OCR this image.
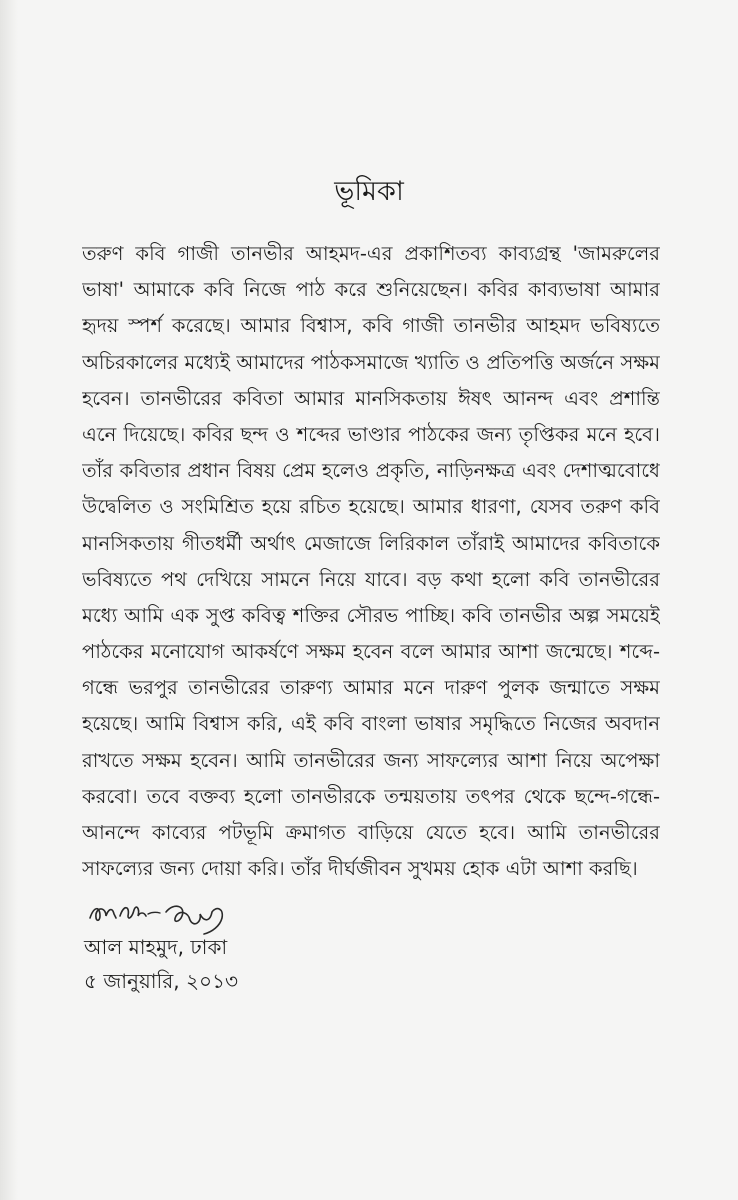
ভূমিকা
তরুণ কবি গাজী তানভীর আহমদ-এর প্রকাশিতব্য কাব্যগ্রন্থ 'জামরুলের
ভাষা' আমাকে কবি নিজে পাঠ করে শুনিয়েছেন। কবির কাব্যভাষা আমার
হৃদয় স্পর্শ করেছে। আমার বিশ্বাস, কবি গাজী তানভীর আহমদ ভবিষ্যতে
অচিরকালের মধ্যেই আমাদের পাঠকসমাজে খ্যাতি ও প্রতিপত্তি অর্জনে সক্ষম
হবেন। তানভীরের কবিতা আমার মানসিকতায় ঈষৎ আনন্দ এবং প্রশান্তি
এনে দিয়েছে। কবির ছন্দ ও শব্দের ভাণ্ডার পাঠকের জন্য তৃপ্তিকর মনে হবে।
তাঁর কবিতার প্রধান বিষয় প্রেম হলেও প্রকৃতি, নাড়িনক্ষত্র এবং দেশাত্মবোধে
উদ্বেলিত ও সংমিশ্রিত হয়ে রচিত হয়েছে। আমার ধারণা, যেসব তরুণ কবি
মানসিকতায় গীতধর্মী অর্থাৎ মেজাজে লিরিকাল তাঁরাই আমাদের কবিতাকে
ভবিষ্যতে পথ দেখিয়ে সামনে নিয়ে যাবে। বড় কথা হলো কবি তানভীরের
মধ্যে আমি এক সুপ্ত কবিত্ব শক্তির সৌরভ পাচ্ছি। কবি তানভীর অল্প সময়েই
পাঠকের মনোযোগ আকর্ষণে সক্ষম হবেন বলে আমার আশা জন্মেছে। শব্দে-
গন্ধে ভরপুর তানভীরের তারুণ্য আমার মনে দারুণ পুলক জন্মাতে সক্ষম
হয়েছে। আমি বিশ্বাস করি, এই কবি বাংলা ভাষার সমৃদ্ধিতে নিজের অবদান
রাখতে সক্ষম হবেন। আমি তানভীরের জন্য সাফল্যের আশা নিয়ে অপেক্ষা
করবো। তবে বক্তব্য হলো তানভীরকে তন্ময়তায় তৎপর থেকে ছন্দে-গন্ধে-
আনন্দে কাব্যের পটভূমি ক্রমাগত বাড়িয়ে যেতে হবে। আমি তানভীরের
সাফল্যের জন্য দোয়া করি। তাঁর দীর্ঘজীবন সুখময় হোক এটা আশা করছি।
আল মাহমুদ, ঢাকা
৫ জানুয়ারি, ২০১৩
